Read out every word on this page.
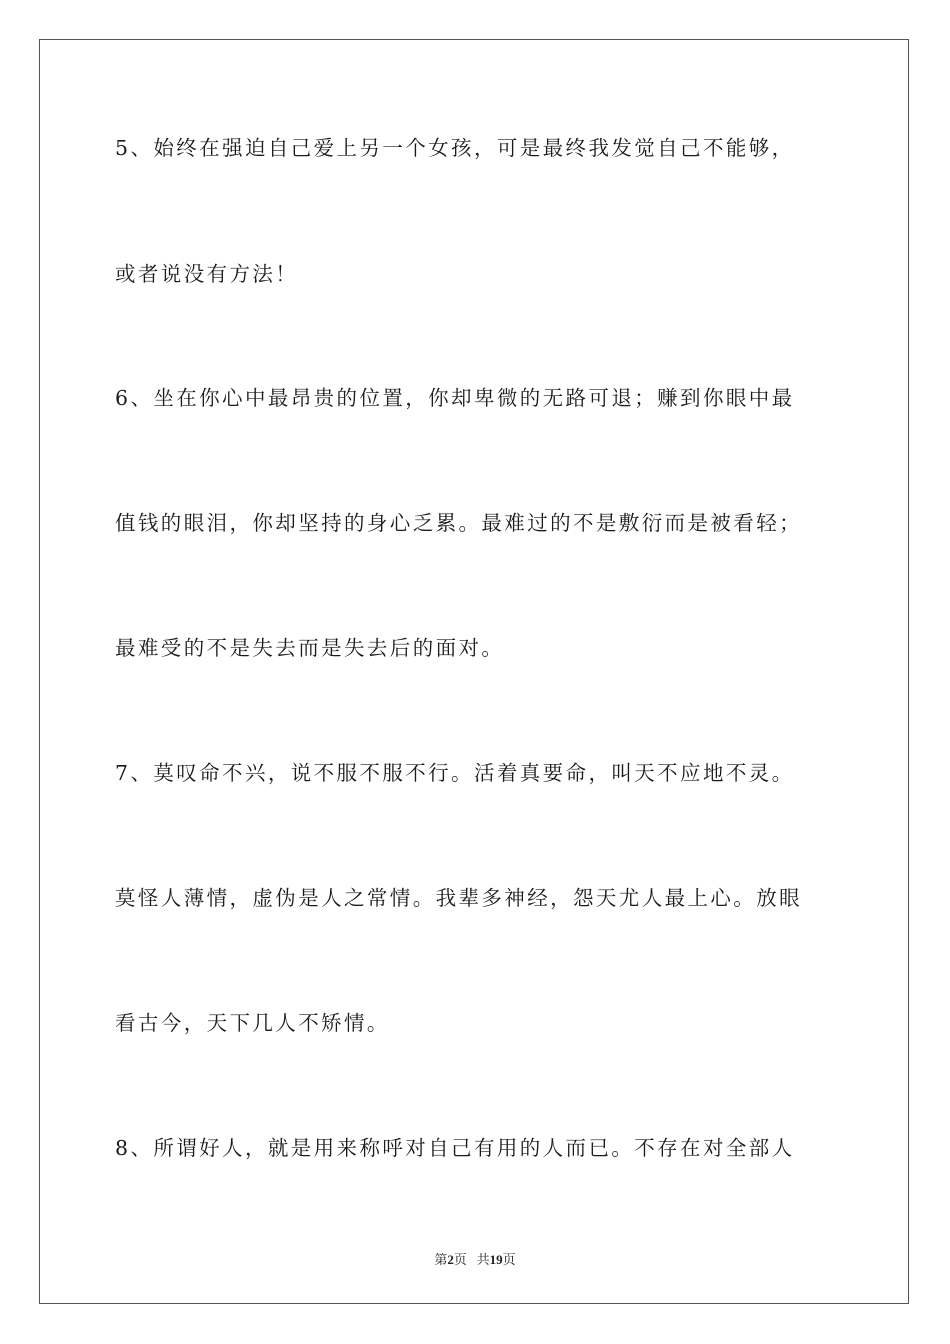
5、始终在强迫自己爱上另一个女孩，可是最终我发觉自己不能够，
或者说没有方法！
6、坐在你心中最昂贵的位置，你却卑微的无路可退；赚到你眼中最
值钱的眼泪，你却坚持的身心乏累。最难过的不是敷衍而是被看轻；
最难受的不是失去而是失去后的面对。
7、莫叹命不兴，说不服不服不行。活着真要命，叫天不应地不灵。
莫怪人薄情，虚伪是人之常情。我辈多神经，怨天尤人最上心。放眼
看古今，天下几人不矫情。
8、所谓好人，就是用来称呼对自己有用的人而已。不存在对全部人
第2页 共19页
